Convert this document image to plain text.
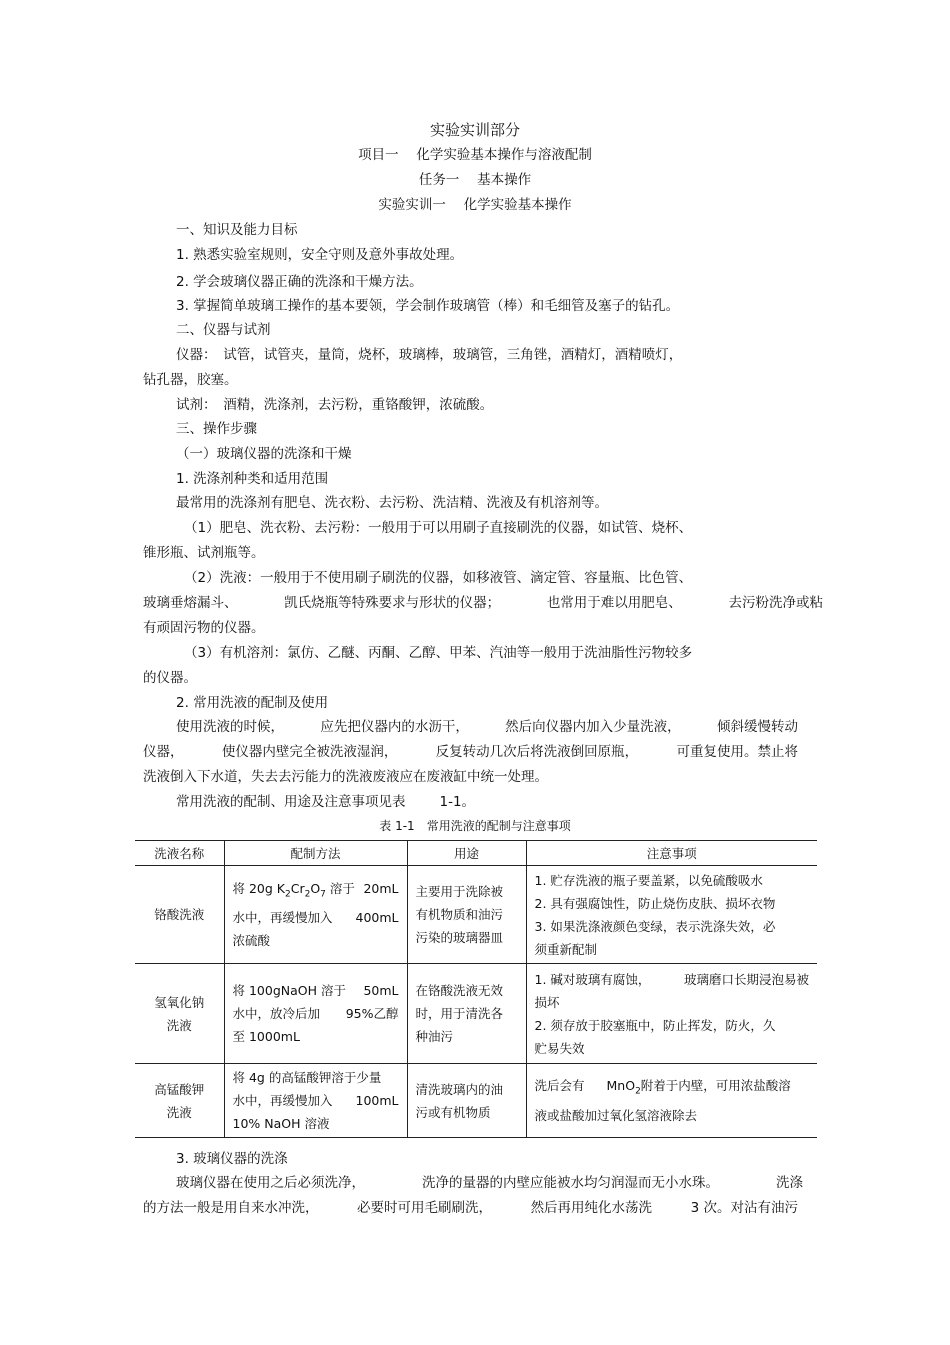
实验实训部分
项目一　 化学实验基本操作与溶液配制
任务一　 基本操作
实验实训一　 化学实验基本操作
一、知识及能力目标
1. 熟悉实验室规则，安全守则及意外事故处理。
2. 学会玻璃仪器正确的洗涤和干燥方法。
3. 掌握简单玻璃工操作的基本要领，学会制作玻璃管（棒）和毛细管及塞子的钻孔。
二、仪器与试剂
仪器：　试管，试管夹，量筒，烧杯，玻璃棒，玻璃管，三角锉，酒精灯，酒精喷灯，
钻孔器，胶塞。
试剂：　酒精，洗涤剂，去污粉，重铬酸钾，浓硫酸。
三、操作步骤
（一）玻璃仪器的洗涤和干燥
1. 洗涤剂种类和适用范围
最常用的洗涤剂有肥皂、洗衣粉、去污粉、洗洁精、洗液及有机溶剂等。
（1）肥皂、洗衣粉、去污粉：一般用于可以用刷子直接刷洗的仪器，如试管、烧杯、
锥形瓶、试剂瓶等。
（2）洗液：一般用于不使用刷子刷洗的仪器，如移液管、滴定管、容量瓶、比色管、
玻璃垂熔漏斗、	凯氏烧瓶等特殊要求与形状的仪器；	也常用于难以用肥皂、	去污粉洗净或粘
有顽固污物的仪器。
（3）有机溶剂：氯仿、乙醚、丙酮、乙醇、甲苯、汽油等一般用于洗油脂性污物较多
的仪器。
2. 常用洗液的配制及使用
使用洗液的时候，	应先把仪器内的水沥干，	然后向仪器内加入少量洗液，	倾斜缓慢转动
仪器，	使仪器内壁完全被洗液湿润，	反复转动几次后将洗液倒回原瓶，	可重复使用。禁止将
洗液倒入下水道，失去去污能力的洗液废液应在废液缸中统一处理。
常用洗液的配制、用途及注意事项见表	1-1。
表 1-1　常用洗液的配制与注意事项
洗液名称	配制方法	用途	注意事项
铬酸洗液	将 20g $K_2Cr_2O_7$ 溶于 20mL
水中，再缓慢加入 400mL
浓硫酸	主要用于洗除被
有机物质和油污
污染的玻璃器皿	1. 贮存洗液的瓶子要盖紧，以免硫酸吸水
2. 具有强腐蚀性，防止烧伤皮肤、损坏衣物
3. 如果洗涤液颜色变绿，表示洗涤失效，必
须重新配制

氢氧化钠
洗液	将 100gNaOH 溶于 50mL
水中，放冷后加 95%乙醇
至 1000mL	在铬酸洗液无效
时，用于清洗各
种油污	1. 碱对玻璃有腐蚀， 玻璃磨口长期浸泡易被
损坏
2. 须存放于胶塞瓶中，防止挥发，防火，久
贮易失效

高锰酸钾
洗液	将 4g 的高锰酸钾溶于少量
水中，再缓慢加入 100mL
10% NaOH 溶液	清洗玻璃内的油
污或有机物质	洗后会有 MnO$_2$附着于内壁，可用浓盐酸溶
液或盐酸加过氧化氢溶液除去
3. 玻璃仪器的洗涤
玻璃仪器在使用之后必须洗净，	洗净的量器的内壁应能被水均匀润湿而无小水珠。	洗涤
的方法一般是用自来水冲洗，	必要时可用毛刷刷洗，	然后再用纯化水荡洗	3 次。对沾有油污
